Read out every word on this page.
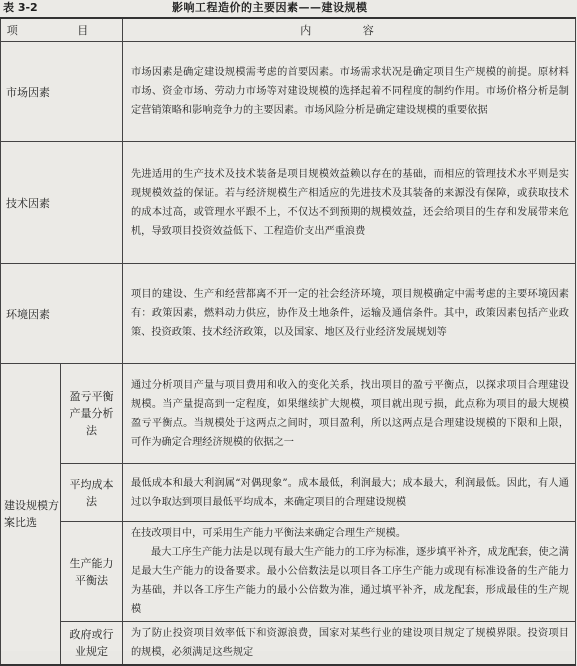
表 3-2	影响工程造价的主要因素——建设规模
项 目		内 容
市场因素		市场因素是确定建设规模需考虑的首要因素。市场需求状况是确定项目生产规模的前提。原材料市场、资金市场、劳动力市场等对建设规模的选择起着不同程度的制约作用。市场价格分析是制定营销策略和影响竞争力的主要因素。市场风险分析是确定建设规模的重要依据
技术因素		先进适用的生产技术及技术装备是项目规模效益赖以存在的基础，而相应的管理技术水平则是实现规模效益的保证。若与经济规模生产相适应的先进技术及其装备的来源没有保障，或获取技术的成本过高，或管理水平跟不上，不仅达不到预期的规模效益，还会给项目的生存和发展带来危机，导致项目投资效益低下、工程造价支出严重浪费
环境因素		项目的建设、生产和经营都离不开一定的社会经济环境，项目规模确定中需考虑的主要环境因素有：政策因素，燃料动力供应，协作及土地条件，运输及通信条件。其中，政策因素包括产业政策、投资政策、技术经济政策，以及国家、地区及行业经济发展规划等
建设规模方案比选	盈亏平衡产量分析法	通过分析项目产量与项目费用和收入的变化关系，找出项目的盈亏平衡点，以探求项目合理建设规模。当产量提高到一定程度，如果继续扩大规模，项目就出现亏损，此点称为项目的最大规模盈亏平衡点。当规模处于这两点之间时，项目盈利，所以这两点是合理建设规模的下限和上限，可作为确定合理经济规模的依据之一
	平均成本法	最低成本和最大利润属“对偶现象”。成本最低，利润最大；成本最大，利润最低。因此，有人通过以争取达到项目最低平均成本，来确定项目的合理建设规模
	生产能力平衡法	在技改项目中，可采用生产能力平衡法来确定合理生产规模。
最大工序生产能力法是以现有最大生产能力的工序为标准，逐步填平补齐，成龙配套，使之满足最大生产能力的设备要求。最小公倍数法是以项目各工序生产能力或现有标准设备的生产能力为基础，并以各工序生产能力的最小公倍数为准，通过填平补齐，成龙配套，形成最佳的生产规模

	政府或行业规定	为了防止投资项目效率低下和资源浪费，国家对某些行业的建设项目规定了规模界限。投资项目的规模，必须满足这些规定
